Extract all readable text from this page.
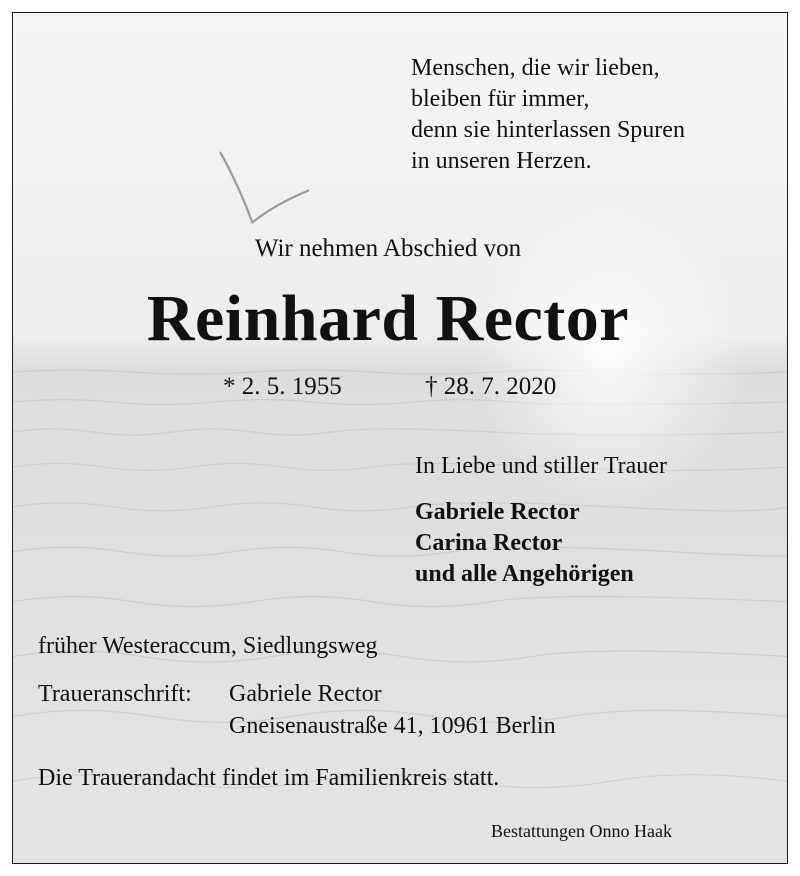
Menschen, die wir lieben,
bleiben für immer,
denn sie hinterlassen Spuren
in unseren Herzen.
Wir nehmen Abschied von
Reinhard Rector
* 2. 5. 1955	† 28. 7. 2020
In Liebe und stiller Trauer
Gabriele Rector
Carina Rector
und alle Angehörigen
früher Westeraccum, Siedlungsweg
Traueranschrift: Gabriele Rector
Gneisenaustraße 41, 10961 Berlin
Die Trauerandacht findet im Familienkreis statt.
Bestattungen Onno Haak
